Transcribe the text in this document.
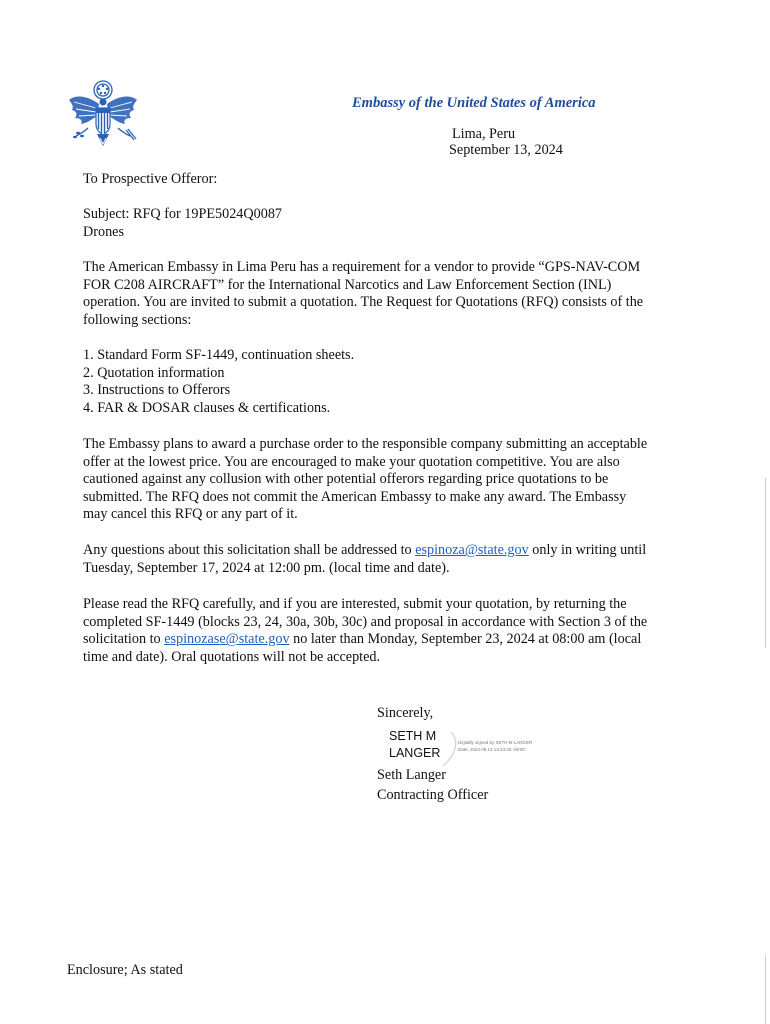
Embassy of the United States of America
Lima, Peru
September 13, 2024

To Prospective Offeror:

Subject: RFQ for 19PE5024Q0087

Drones

The American Embassy in Lima Peru has a requirement for a vendor to provide “GPS-NAV-COM FOR C208 AIRCRAFT” for the International Narcotics and Law Enforcement Section (INL) operation. You are invited to submit a quotation. The Request for Quotations (RFQ) consists of the following sections:

1. Standard Form SF-1449, continuation sheets.
2. Quotation information
3. Instructions to Offerors
4. FAR & DOSAR clauses & certifications.

The Embassy plans to award a purchase order to the responsible company submitting an acceptable offer at the lowest price. You are encouraged to make your quotation competitive. You are also cautioned against any collusion with other potential offerors regarding price quotations to be submitted. The RFQ does not commit the American Embassy to make any award. The Embassy may cancel this RFQ or any part of it.

Any questions about this solicitation shall be addressed to espinoza@state.gov only in writing until Tuesday, September 17, 2024 at 12:00 pm. (local time and date).

Please read the RFQ carefully, and if you are interested, submit your quotation, by returning the completed SF-1449 (blocks 23, 24, 30a, 30b, 30c) and proposal in accordance with Section 3 of the solicitation to espinozase@state.gov no later than Monday, September 23, 2024 at 08:00 am (local time and date). Oral quotations will not be accepted.

Sincerely,
SETH M
LANGER
Digitally signed by SETH M LANGER
Date: 2024.09.13 13:44:33 -05'00'
Seth Langer
Contracting Officer
Enclosure; As stated
